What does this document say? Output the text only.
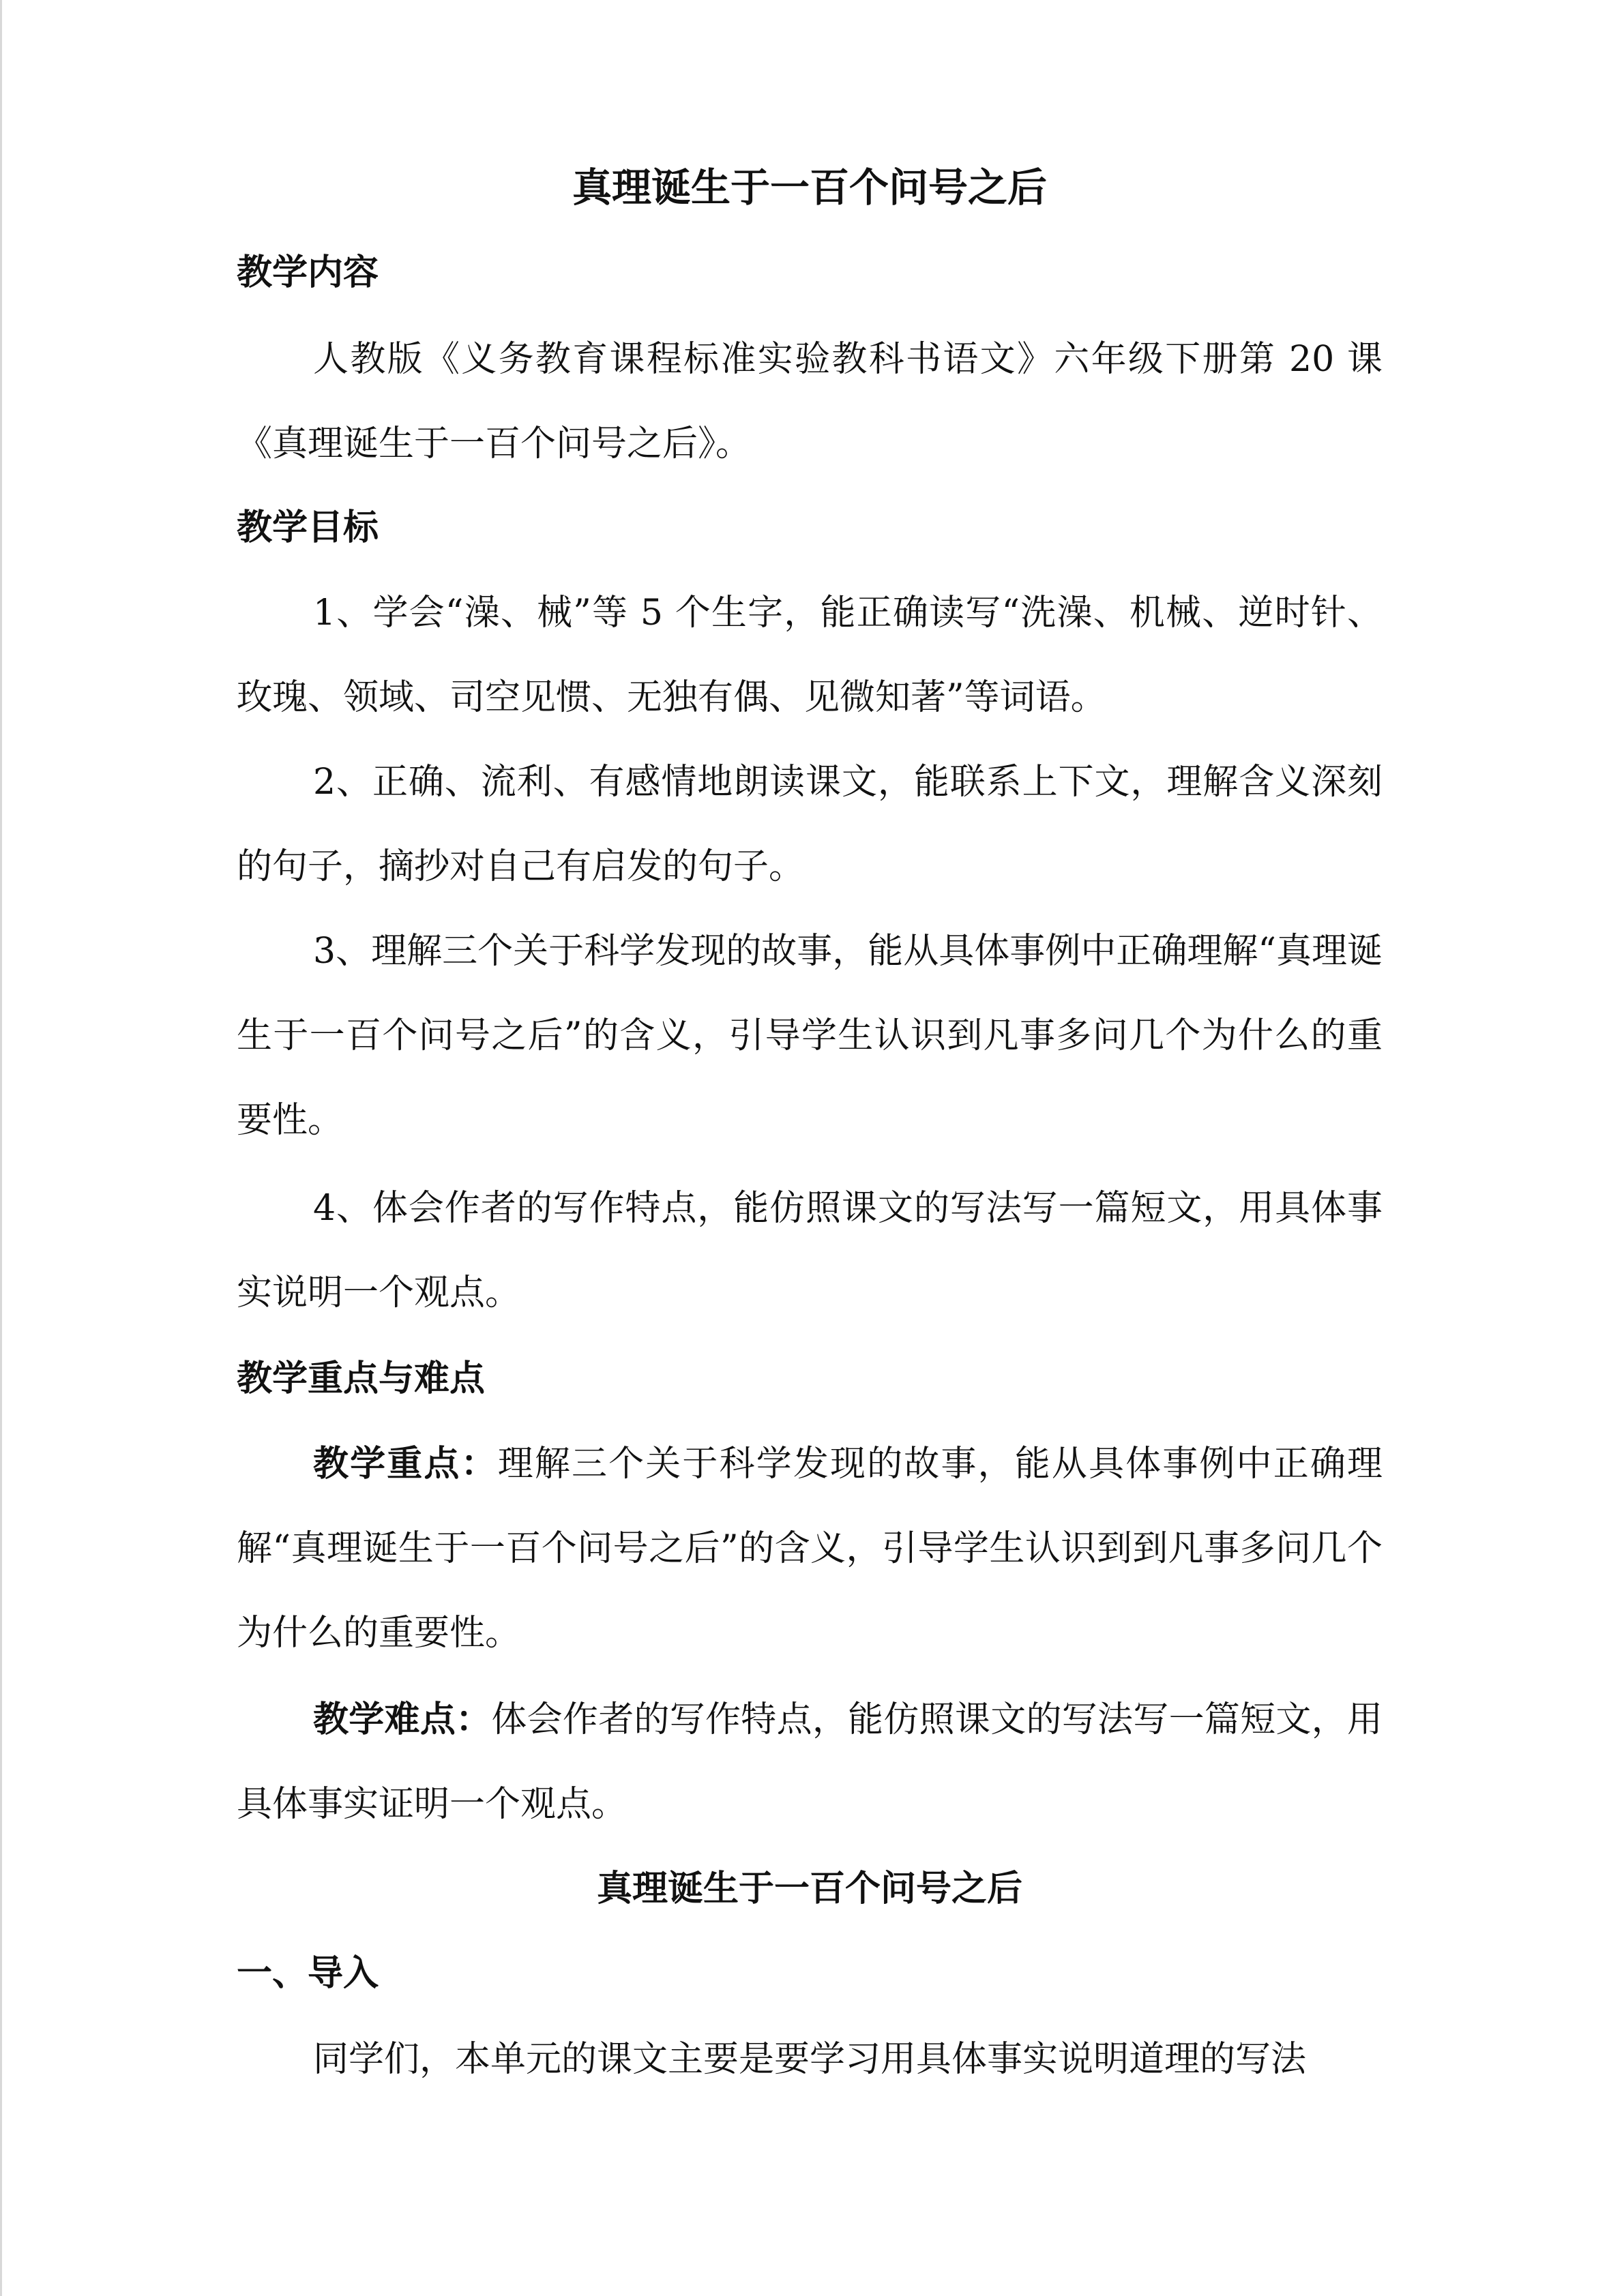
真理诞生于一百个问号之后
教学内容
人教版《义务教育课程标准实验教科书语文》六年级下册第 20 课《真理诞生于一百个问号之后》。
教学目标
1、学会“澡、械”等 5 个生字，能正确读写“洗澡、机械、逆时针、玫瑰、领域、司空见惯、无独有偶、见微知著”等词语。
2、正确、流利、有感情地朗读课文，能联系上下文，理解含义深刻的句子，摘抄对自己有启发的句子。
3、理解三个关于科学发现的故事，能从具体事例中正确理解“真理诞生于一百个问号之后”的含义，引导学生认识到凡事多问几个为什么的重要性。
4、体会作者的写作特点，能仿照课文的写法写一篇短文，用具体事实说明一个观点。
教学重点与难点
教学重点：理解三个关于科学发现的故事，能从具体事例中正确理解“真理诞生于一百个问号之后”的含义，引导学生认识到到凡事多问几个为什么的重要性。
教学难点：体会作者的写作特点，能仿照课文的写法写一篇短文，用具体事实证明一个观点。
真理诞生于一百个问号之后
一、导入
同学们，本单元的课文主要是要学习用具体事实说明道理的写法
